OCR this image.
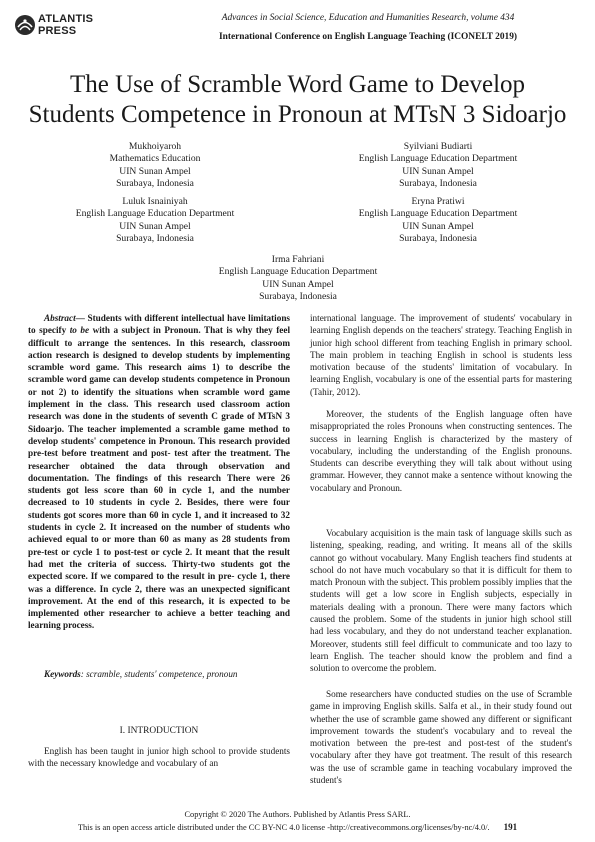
ATLANTIS
PRESS
Advances in Social Science, Education and Humanities Research, volume 434
International Conference on English Language Teaching (ICONELT 2019)
The Use of Scramble Word Game to Develop
Students Competence in Pronoun at MTsN 3 Sidoarjo
Mukhoiyaroh
Mathematics Education
UIN Sunan Ampel
Surabaya, Indonesia
Syilviani Budiarti
English Language Education Department
UIN Sunan Ampel
Surabaya, Indonesia
Luluk Isnainiyah
English Language Education Department
UIN Sunan Ampel
Surabaya, Indonesia
Eryna Pratiwi
English Language Education Department
UIN Sunan Ampel
Surabaya, Indonesia
Irma Fahriani
English Language Education Department
UIN Sunan Ampel
Surabaya, Indonesia

Abstract— Students with different intellectual have limitations to specify to be with a subject in Pronoun. That is why they feel difficult to arrange the sentences. In this research, classroom action research is designed to develop students by implementing scramble word game. This research aims 1) to describe the scramble word game can develop students competence in Pronoun or not 2) to identify the situations when scramble word game implement in the class. This research used classroom action research was done in the students of seventh C grade of MTsN 3 Sidoarjo. The teacher implemented a scramble game method to develop students' competence in Pronoun. This research provided pre-test before treatment and post- test after the treatment. The researcher obtained the data through observation and documentation. The findings of this research There were 26 students got less score than 60 in cycle 1, and the number decreased to 10 students in cycle 2. Besides, there were four students got scores more than 60 in cycle 1, and it increased to 32 students in cycle 2. It increased on the number of students who achieved equal to or more than 60 as many as 28 students from pre-test or cycle 1 to post-test or cycle 2. It meant that the result had met the criteria of success. Thirty-two students got the expected score. If we compared to the result in pre- cycle 1, there was a difference. In cycle 2, there was an unexpected significant improvement. At the end of this research, it is expected to be implemented other researcher to achieve a better teaching and learning process.

Keywords: scramble, students' competence, pronoun
I. INTRODUCTION

English has been taught in junior high school to provide students with the necessary knowledge and vocabulary of an

international language. The improvement of students' vocabulary in learning English depends on the teachers' strategy. Teaching English in junior high school different from teaching English in primary school. The main problem in teaching English in school is students less motivation because of the students' limitation of vocabulary. In learning English, vocabulary is one of the essential parts for mastering (Tahir, 2012).

Moreover, the students of the English language often have misappropriated the roles Pronouns when constructing sentences. The success in learning English is characterized by the mastery of vocabulary, including the understanding of the English pronouns. Students can describe everything they will talk about without using grammar. However, they cannot make a sentence without knowing the vocabulary and Pronoun.

Vocabulary acquisition is the main task of language skills such as listening, speaking, reading, and writing. It means all of the skills cannot go without vocabulary. Many English teachers find students at school do not have much vocabulary so that it is difficult for them to match Pronoun with the subject. This problem possibly implies that the students will get a low score in English subjects, especially in materials dealing with a pronoun. There were many factors which caused the problem. Some of the students in junior high school still had less vocabulary, and they do not understand teacher explanation. Moreover, students still feel difficult to communicate and too lazy to learn English. The teacher should know the problem and find a solution to overcome the problem.

Some researchers have conducted studies on the use of Scramble game in improving English skills. Salfa et al., in their study found out whether the use of scramble game showed any different or significant improvement towards the student's vocabulary and to reveal the motivation between the pre-test and post-test of the student's vocabulary after they have got treatment. The result of this research was the use of scramble game in teaching vocabulary improved the student's

Copyright © 2020 The Authors. Published by Atlantis Press SARL.
This is an open access article distributed under the CC BY-NC 4.0 license -http://creativecommons.org/licenses/by-nc/4.0/. 191
